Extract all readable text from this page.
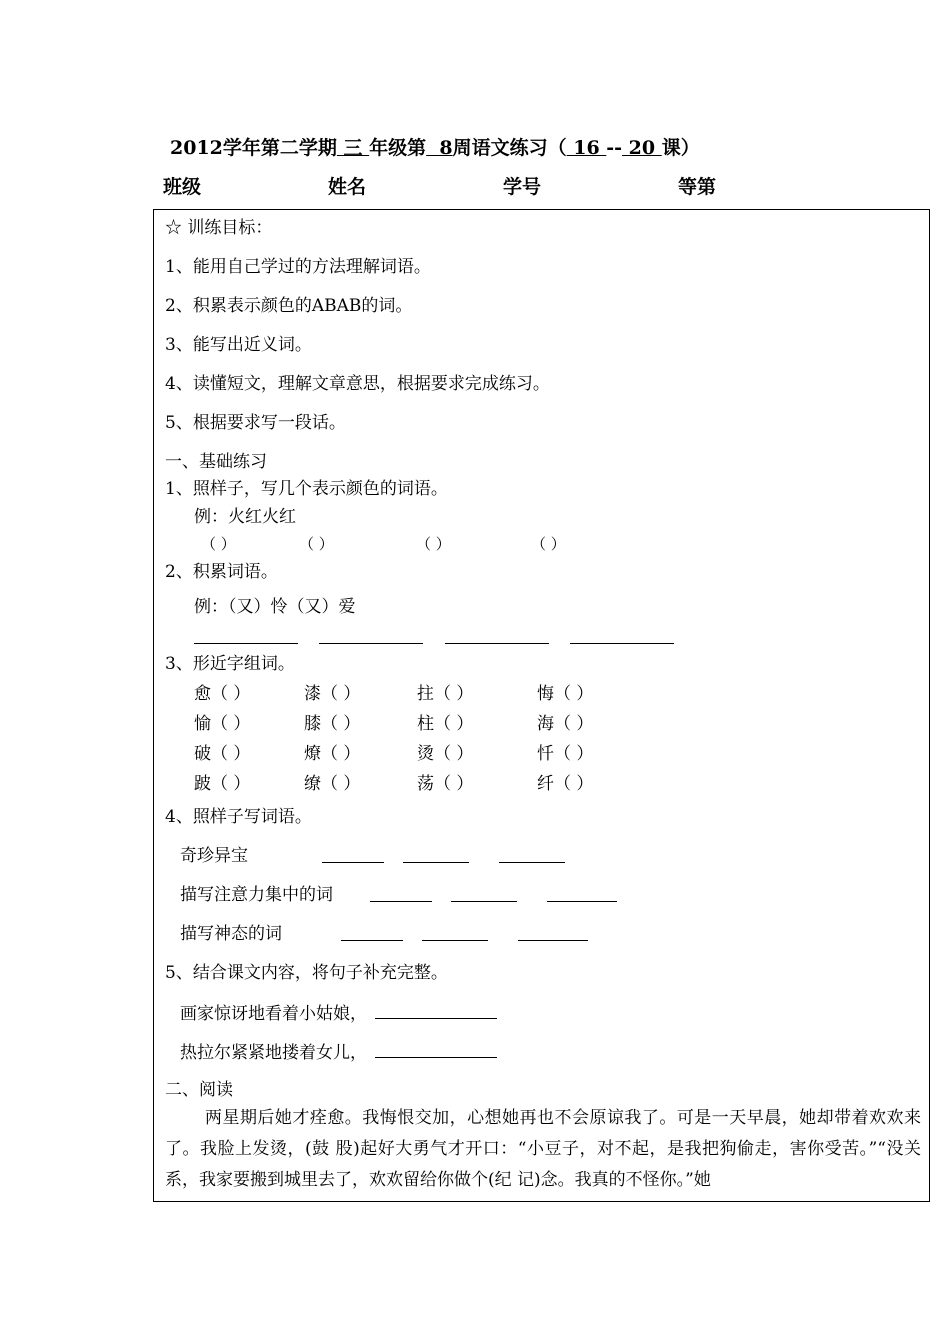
2012学年第二学期 三 年级第  8周语文练习（ 16 -- 20 课）
班级	姓名	学号	等第
☆ 训练目标：
1、能用自己学过的方法理解词语。
2、积累表示颜色的ABAB的词。
3、能写出近义词。
4、读懂短文，理解文章意思，根据要求完成练习。
5、根据要求写一段话。
一、基础练习
1、照样子，写几个表示颜色的词语。
例：火红火红
（ ）	（ ）	（ ）	（ ）
2、积累词语。
例：（又）怜（又）爱

3、形近字组词。
愈（ ）	漆（ ）	拄（ ）	悔（ ）
愉（ ）	膝（ ）	柱（ ）	海（ ）
破（ ）	燎（ ）	烫（ ）	忏（ ）
跛（ ）	缭（ ）	荡（ ）	纤（ ）
4、照样子写词语。
奇珍异宝

描写注意力集中的词

描写神态的词

5、结合课文内容，将句子补充完整。
画家惊讶地看着小姑娘，
热拉尔紧紧地搂着女儿，
二、阅读
两星期后她才痊愈。我悔恨交加，心想她再也不会原谅我了。可是一天早晨，她却带着欢欢来了。我脸上发烫，(鼓 股)起好大勇气才开口：“小豆子，对不起，是我把狗偷走，害你受苦。”“没关系，我家要搬到城里去了，欢欢留给你做个(纪 记)念。我真的不怪你。”她
